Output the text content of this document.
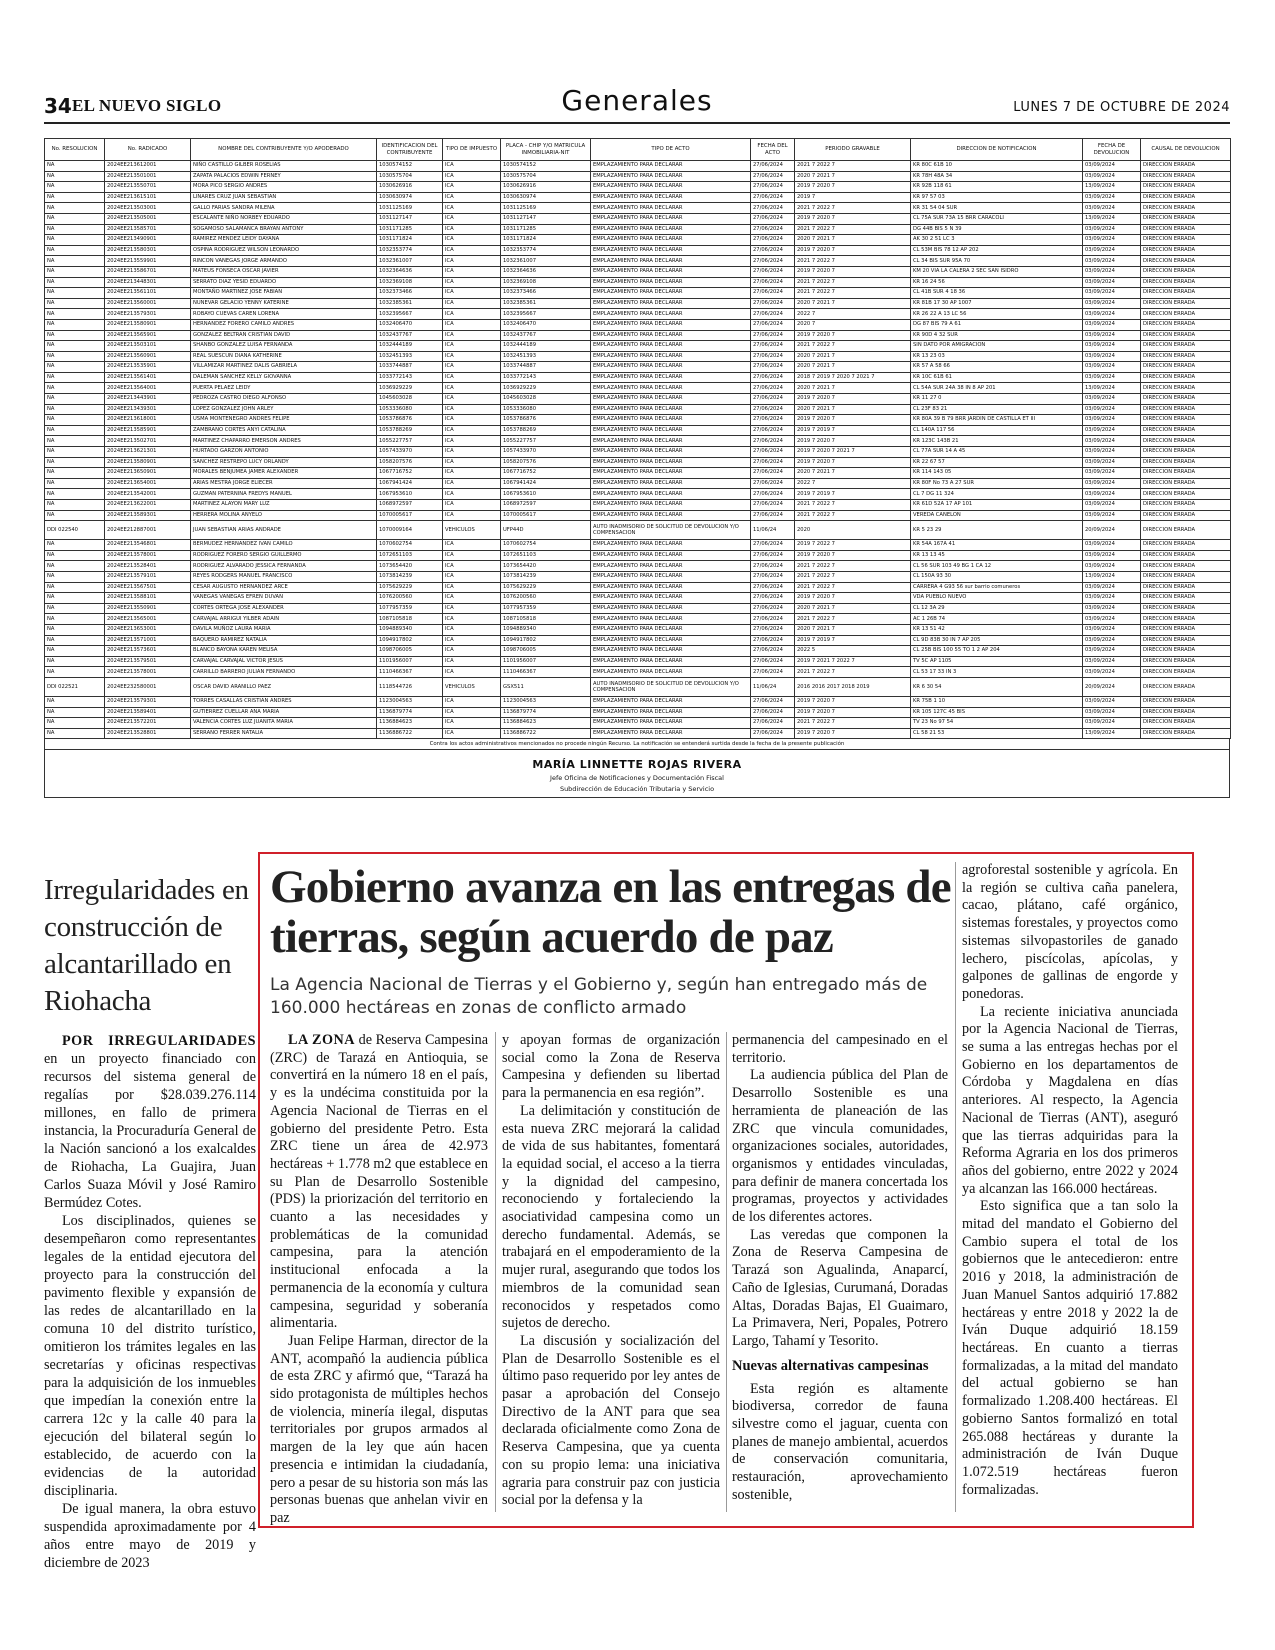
34 EL NUEVO SIGLO	Generales	LUNES 7 DE OCTUBRE DE 2024
No. RESOLUCION	No. RADICADO	NOMBRE DEL CONTRIBUYENTE Y/O APODERADO	IDENTIFICACION DEL CONTRIBUYENTE	TIPO DE IMPUESTO	PLACA - CHIP Y/O MATRICULA INMOBILIARIA-NIT	TIPO DE ACTO	FECHA DEL ACTO	PERIODO GRAVABLE	DIRECCION DE NOTIFICACION	FECHA DE DEVOLUCION	CAUSAL DE DEVOLUCION
NA	2024EE213612001	NIÑO CASTILLO GILBER ROSELIAS	1030574152	ICA	1030574152	EMPLAZAMIENTO PARA DECLARAR	27/06/2024	2021 7 2022 7	KR 80C 61B 10	03/09/2024	DIRECCION ERRADA
NA	2024EE213501001	ZAPATA PALACIOS EDWIN FERNEY	1030575704	ICA	1030575704	EMPLAZAMIENTO PARA DECLARAR	27/06/2024	2020 7 2021 7	KR 78H 48A 34	03/09/2024	DIRECCION ERRADA
NA	2024EE213550701	MORA PICO SERGIO ANDRES	1030626916	ICA	1030626916	EMPLAZAMIENTO PARA DECLARAR	27/06/2024	2019 7 2020 7	KR 92B 118 61	13/09/2024	DIRECCION ERRADA
NA	2024EE213615101	LINARES CRUZ JUAN SEBASTIAN	1030630974	ICA	1030630974	EMPLAZAMIENTO PARA DECLARAR	27/06/2024	2019 7	KR 97 57 03	03/09/2024	DIRECCION ERRADA
NA	2024EE213503001	GALLO FARIAS SANDRA MILENA	1031125169	ICA	1031125169	EMPLAZAMIENTO PARA DECLARAR	27/06/2024	2021 7 2022 7	KR 31 54 04 SUR	03/09/2024	DIRECCION ERRADA
NA	2024EE213505001	ESCALANTE NIÑO NORBEY EDUARDO	1031127147	ICA	1031127147	EMPLAZAMIENTO PARA DECLARAR	27/06/2024	2019 7 2020 7	CL 75A SUR 73A 15 BRR CARACOLI	13/09/2024	DIRECCION ERRADA
NA	2024EE213585701	SOGAMOSO SALAMANCA BRAYAN ANTONY	1031171285	ICA	1031171285	EMPLAZAMIENTO PARA DECLARAR	27/06/2024	2021 7 2022 7	DG 44B BIS 5 N 39	03/09/2024	DIRECCION ERRADA
NA	2024EE213490901	RAMIREZ MENDEZ LEIDY DAYANA	1031171824	ICA	1031171824	EMPLAZAMIENTO PARA DECLARAR	27/06/2024	2020 7 2021 7	AK 30 2 51 LC 3	03/09/2024	DIRECCION ERRADA
NA	2024EE213580301	OSPINA RODRIGUEZ WILSON LEONARDO	1032353774	ICA	1032353774	EMPLAZAMIENTO PARA DECLARAR	27/06/2024	2019 7 2020 7	CL 53M BIS 78 12 AP 202	03/09/2024	DIRECCION ERRADA
NA	2024EE213559901	RINCON VANEGAS JORGE ARMANDO	1032361007	ICA	1032361007	EMPLAZAMIENTO PARA DECLARAR	27/06/2024	2021 7 2022 7	CL 34 BIS SUR 95A 70	03/09/2024	DIRECCION ERRADA
NA	2024EE213586701	MATEUS FONSECA OSCAR JAVIER	1032364636	ICA	1032364636	EMPLAZAMIENTO PARA DECLARAR	27/06/2024	2019 7 2020 7	KM 20 VIA LA CALERA 2 SEC SAN ISIDRO	03/09/2024	DIRECCION ERRADA
NA	2024EE213448301	SERRATO DIAZ YESID EDUARDO	1032369108	ICA	1032369108	EMPLAZAMIENTO PARA DECLARAR	27/06/2024	2021 7 2022 7	KR 16 24 56	03/09/2024	DIRECCION ERRADA
NA	2024EE213561101	MONTAÑO MARTINEZ JOSE FABIAN	1032373466	ICA	1032373466	EMPLAZAMIENTO PARA DECLARAR	27/06/2024	2021 7 2022 7	CL 41B SUR 4 18 36	03/09/2024	DIRECCION ERRADA
NA	2024EE213560001	NUNEVAR GELACIO YENNY KATERINE	1032385361	ICA	1032385361	EMPLAZAMIENTO PARA DECLARAR	27/06/2024	2020 7 2021 7	KR 81B 17 30 AP 1007	03/09/2024	DIRECCION ERRADA
NA	2024EE213579301	ROBAYO CUEVAS CAREN LORENA	1032395667	ICA	1032395667	EMPLAZAMIENTO PARA DECLARAR	27/06/2024	2022 7	KR 26 22 A 13 LC 56	03/09/2024	DIRECCION ERRADA
NA	2024EE213580901	HERNANDEZ FORERO CAMILO ANDRES	1032406470	ICA	1032406470	EMPLAZAMIENTO PARA DECLARAR	27/06/2024	2020 7	DG 87 BIS 79 A 61	03/09/2024	DIRECCION ERRADA
NA	2024EE213565901	GONZALEZ BELTRAN CRISTIAN DAVID	1032437767	ICA	1032437767	EMPLAZAMIENTO PARA DECLARAR	27/06/2024	2019 7 2020 7	KR 90D 4 32 SUR	03/09/2024	DIRECCION ERRADA
NA	2024EE213503101	SHANBO GONZALEZ LUISA FERNANDA	1032444189	ICA	1032444189	EMPLAZAMIENTO PARA DECLARAR	27/06/2024	2021 7 2022 7	SIN DATO POR AMIGRACION	03/09/2024	DIRECCION ERRADA
NA	2024EE213560901	REAL SUESCUN DIANA KATHERINE	1032451393	ICA	1032451393	EMPLAZAMIENTO PARA DECLARAR	27/06/2024	2020 7 2021 7	KR 13 23 03	03/09/2024	DIRECCION ERRADA
NA	2024EE213535901	VILLAMIZAR MARTINEZ DALIS GABRIELA	1033744887	ICA	1033744887	EMPLAZAMIENTO PARA DECLARAR	27/06/2024	2020 7 2021 7	KR 57 A 58 66	03/09/2024	DIRECCION ERRADA
NA	2024EE213561401	DALEMAN SANCHEZ KELLY GIOVANNA	1033772143	ICA	1033772143	EMPLAZAMIENTO PARA DECLARAR	27/06/2024	2018 7 2019 7 2020 7 2021 7	KR 10C 61B 61	03/09/2024	DIRECCION ERRADA
NA	2024EE213564001	PUERTA PELAEZ LEIDY	1036929229	ICA	1036929229	EMPLAZAMIENTO PARA DECLARAR	27/06/2024	2020 7 2021 7	CL 54A SUR 24A 38 IN 8 AP 201	13/09/2024	DIRECCION ERRADA
NA	2024EE213443901	PEDROZA CASTRO DIEGO ALFONSO	1045603028	ICA	1045603028	EMPLAZAMIENTO PARA DECLARAR	27/06/2024	2019 7 2020 7	KR 11 27 0	03/09/2024	DIRECCION ERRADA
NA	2024EE213439301	LOPEZ GONZALEZ JOHN ARLEY	1053336080	ICA	1053336080	EMPLAZAMIENTO PARA DECLARAR	27/06/2024	2020 7 2021 7	CL 23F 83 21	03/09/2024	DIRECCION ERRADA
NA	2024EE213618001	USMA MONTENEGRO ANDRES FELIPE	1053786876	ICA	1053786876	EMPLAZAMIENTO PARA DECLARAR	27/06/2024	2019 7 2020 7	KR 80A 39 B 79 BRR JARDIN DE CASTILLA ET III	03/09/2024	DIRECCION ERRADA
NA	2024EE213585901	ZAMBRANO CORTES ANYI CATALINA	1053788269	ICA	1053788269	EMPLAZAMIENTO PARA DECLARAR	27/06/2024	2019 7 2019 7	CL 140A 117 56	03/09/2024	DIRECCION ERRADA
NA	2024EE213502701	MARTINEZ CHAPARRO EMERSON ANDRES	1055227757	ICA	1055227757	EMPLAZAMIENTO PARA DECLARAR	27/06/2024	2019 7 2020 7	KR 123C 143B 21	03/09/2024	DIRECCION ERRADA
NA	2024EE213621301	HURTADO GARZON ANTONIO	1057433970	ICA	1057433970	EMPLAZAMIENTO PARA DECLARAR	27/06/2024	2019 7 2020 7 2021 7	CL 77A SUR 14 A 45	03/09/2024	DIRECCION ERRADA
NA	2024EE213580901	SANCHEZ RESTREPO LUCY ORLANDY	1058207576	ICA	1058207576	EMPLAZAMIENTO PARA DECLARAR	27/06/2024	2019 7 2020 7	KR 22 67 57	03/09/2024	DIRECCION ERRADA
NA	2024EE213650901	MORALES BENJUMEA JAMER ALEXANDER	1067716752	ICA	1067716752	EMPLAZAMIENTO PARA DECLARAR	27/06/2024	2020 7 2021 7	KR 114 143 05	03/09/2024	DIRECCION ERRADA
NA	2024EE213654001	ARIAS MESTRA JORGE ELIECER	1067941424	ICA	1067941424	EMPLAZAMIENTO PARA DECLARAR	27/06/2024	2022 7	KR 80F No 73 A 27 SUR	03/09/2024	DIRECCION ERRADA
NA	2024EE213542001	GUZMAN PATERNINA FREDYS MANUEL	1067953610	ICA	1067953610	EMPLAZAMIENTO PARA DECLARAR	27/06/2024	2019 7 2019 7	CL 7 DG 11 324	03/09/2024	DIRECCION ERRADA
NA	2024EE213622001	MARTINEZ ALAYON MARY LUZ	1068972597	ICA	1068972597	EMPLAZAMIENTO PARA DECLARAR	27/06/2024	2021 7 2022 7	KR 61D 52A 17 AP 101	03/09/2024	DIRECCION ERRADA
NA	2024EE213589301	HERRERA MOLINA ANYELO	1070005617	ICA	1070005617	EMPLAZAMIENTO PARA DECLARAR	27/06/2024	2021 7 2022 7	VEREDA CANELON	03/09/2024	DIRECCION ERRADA
DDI 022540	2024EE212887001	JUAN SEBASTIAN ARIAS ANDRADE	1070009164	VEHICULOS	UFP44D	AUTO INADMISORIO DE SOLICITUD DE DEVOLUCION Y/O COMPENSACION	11/06/24	2020	KR 5 23 29	20/09/2024	DIRECCION ERRADA
NA	2024EE213546801	BERMUDEZ HERNANDEZ IVAN CAMILO	1070602754	ICA	1070602754	EMPLAZAMIENTO PARA DECLARAR	27/06/2024	2019 7 2022 7	KR 54A 167A 41	03/09/2024	DIRECCION ERRADA
NA	2024EE213578001	RODRIGUEZ FORERO SERGIO GUILLERMO	1072651103	ICA	1072651103	EMPLAZAMIENTO PARA DECLARAR	27/06/2024	2019 7 2020 7	KR 13 13 45	03/09/2024	DIRECCION ERRADA
NA	2024EE213528401	RODRIGUEZ ALVARADO JESSICA FERNANDA	1073654420	ICA	1073654420	EMPLAZAMIENTO PARA DECLARAR	27/06/2024	2021 7 2022 7	CL 56 SUR 103 49 BG 1 CA 12	03/09/2024	DIRECCION ERRADA
NA	2024EE213579101	REYES RODGERS MANUEL FRANCISCO	1073814239	ICA	1073814239	EMPLAZAMIENTO PARA DECLARAR	27/06/2024	2021 7 2022 7	CL 150A 93 30	13/09/2024	DIRECCION ERRADA
NA	2024EE213567501	CESAR AUGUSTO HERNANDEZ ARCE	1075629229	ICA	1075629229	EMPLAZAMIENTO PARA DECLARAR	27/06/2024	2021 7 2022 7	CARRERA 4 G93 56 sur barrio comuneros	03/09/2024	DIRECCION ERRADA
NA	2024EE213588101	VANEGAS VANEGAS EFREN DUVAN	1076200560	ICA	1076200560	EMPLAZAMIENTO PARA DECLARAR	27/06/2024	2019 7 2020 7	VDA PUEBLO NUEVO	03/09/2024	DIRECCION ERRADA
NA	2024EE213550901	CORTES ORTEGA JOSE ALEXANDER	1077957359	ICA	1077957359	EMPLAZAMIENTO PARA DECLARAR	27/06/2024	2020 7 2021 7	CL 12 3A 29	03/09/2024	DIRECCION ERRADA
NA	2024EE213565001	CARVAJAL ARRIGUI YILBER ADAIN	1087105818	ICA	1087105818	EMPLAZAMIENTO PARA DECLARAR	27/06/2024	2021 7 2022 7	AC 1 26B 74	03/09/2024	DIRECCION ERRADA
NA	2024EE213653001	DAVILA MUÑOZ LAURA MARIA	1094889340	ICA	1094889340	EMPLAZAMIENTO PARA DECLARAR	27/06/2024	2020 7 2021 7	KR 13 51 42	03/09/2024	DIRECCION ERRADA
NA	2024EE213571001	BAQUERO RAMIREZ NATALIA	1094917802	ICA	1094917802	EMPLAZAMIENTO PARA DECLARAR	27/06/2024	2019 7 2019 7	CL 9D 83B 30 IN 7 AP 205	03/09/2024	DIRECCION ERRADA
NA	2024EE213573601	BLANCO BAYONA KAREN MELISA	1098706005	ICA	1098706005	EMPLAZAMIENTO PARA DECLARAR	27/06/2024	2022 5	CL 25B BIS 100 55 TO 1 2 AP 204	03/09/2024	DIRECCION ERRADA
NA	2024EE213579501	CARVAJAL CARVAJAL VICTOR JESUS	1101956007	ICA	1101956007	EMPLAZAMIENTO PARA DECLARAR	27/06/2024	2019 7 2021 7 2022 7	TV 5C AP 1105	03/09/2024	DIRECCION ERRADA
NA	2024EE213578001	CARRILLO BARRERO JULIAN FERNANDO	1110466367	ICA	1110466367	EMPLAZAMIENTO PARA DECLARAR	27/06/2024	2021 7 2022 7	CL 53 17 33 IN 3	03/09/2024	DIRECCION ERRADA
DDI 022521	2024EE232580001	OSCAR DAVID ARANILLO PAEZ	1118544726	VEHICULOS	GSX511	AUTO INADMISORIO DE SOLICITUD DE DEVOLUCION Y/O COMPENSACION	11/06/24	2016 2016 2017 2018 2019	KR 6 30 54	20/09/2024	DIRECCION ERRADA
NA	2024EE213579301	TORRES CASALLAS CRISTIAN ANDRES	1123004563	ICA	1123004563	EMPLAZAMIENTO PARA DECLARAR	27/06/2024	2019 7 2020 7	KR 75B 1 10	03/09/2024	DIRECCION ERRADA
NA	2024EE213589401	GUTIERREZ CUELLAR ANA MARIA	1136879774	ICA	1136879774	EMPLAZAMIENTO PARA DECLARAR	27/06/2024	2019 7 2020 7	KR 105 127C 45 BIS	03/09/2024	DIRECCION ERRADA
NA	2024EE213572201	VALENCIA CORTES LUZ JUANITA MARIA	1136884623	ICA	1136884623	EMPLAZAMIENTO PARA DECLARAR	27/06/2024	2021 7 2022 7	TV 23 No 97 54	03/09/2024	DIRECCION ERRADA
NA	2024EE213528801	SERRANO FERRER NATALIA	1136886722	ICA	1136886722	EMPLAZAMIENTO PARA DECLARAR	27/06/2024	2019 7 2020 7	CL 58 21 53	13/09/2024	DIRECCION ERRADA
Contra los actos administrativos mencionados no procede ningún Recurso. La notificación se entenderá surtida desde la fecha de la presente publicación
MARÍA LINNETTE ROJAS RIVERA
Jefe Oficina de Notificaciones y Documentación Fiscal
Subdirección de Educación Tributaria y Servicio
Irregularidades en construcción de alcantarillado en Riohacha

POR IRREGULARIDADES en un proyecto financiado con recursos del sistema general de regalías por $28.039.276.114 millones, en fallo de primera instancia, la Procuraduría General de la Nación sancionó a los exalcaldes de Riohacha, La Guajira, Juan Carlos Suaza Móvil y José Ramiro Bermúdez Cotes.

Los disciplinados, quienes se desempeñaron como representantes legales de la entidad ejecutora del proyecto para la construcción del pavimento flexible y expansión de las redes de alcantarillado en la comuna 10 del distrito turístico, omitieron los trámites legales en las secretarías y oficinas respectivas para la adquisición de los inmuebles que impedían la conexión entre la carrera 12c y la calle 40 para la ejecución del bilateral según lo establecido, de acuerdo con la evidencias de la autoridad disciplinaria.

De igual manera, la obra estuvo suspendida aproximadamente por 4 años entre mayo de 2019 y diciembre de 2023

Gobierno avanza en las entregas de tierras, según acuerdo de paz
La Agencia Nacional de Tierras y el Gobierno y, según han entregado más de 160.000 hectáreas en zonas de conflicto armado

LA ZONA de Reserva Campesina (ZRC) de Tarazá en Antioquia, se convertirá en la número 18 en el país, y es la undécima constituida por la Agencia Nacional de Tierras en el gobierno del presidente Petro. Esta ZRC tiene un área de 42.973 hectáreas + 1.778 m2 que establece en su Plan de Desarrollo Sostenible (PDS) la priorización del territorio en cuanto a las necesidades y problemáticas de la comunidad campesina, para la atención institucional enfocada a la permanencia de la economía y cultura campesina, seguridad y soberanía alimentaria.

Juan Felipe Harman, director de la ANT, acompañó la audiencia pública de esta ZRC y afirmó que, “Tarazá ha sido protagonista de múltiples hechos de violencia, minería ilegal, disputas territoriales por grupos armados al margen de la ley que aún hacen presencia e intimidan la ciudadanía, pero a pesar de su historia son más las personas buenas que anhelan vivir en paz

y apoyan formas de organización social como la Zona de Reserva Campesina y defienden su libertad para la permanencia en esa región”.

La delimitación y constitución de esta nueva ZRC mejorará la calidad de vida de sus habitantes, fomentará la equidad social, el acceso a la tierra y la dignidad del campesino, reconociendo y fortaleciendo la asociatividad campesina como un derecho fundamental. Además, se trabajará en el empoderamiento de la mujer rural, asegurando que todos los miembros de la comunidad sean reconocidos y respetados como sujetos de derecho.

La discusión y socialización del Plan de Desarrollo Sostenible es el último paso requerido por ley antes de pasar a aprobación del Consejo Directivo de la ANT para que sea declarada oficialmente como Zona de Reserva Campesina, que ya cuenta con su propio lema: una iniciativa agraria para construir paz con justicia social por la defensa y la

permanencia del campesinado en el territorio.

La audiencia pública del Plan de Desarrollo Sostenible es una herramienta de planeación de las ZRC que vincula comunidades, organizaciones sociales, autoridades, organismos y entidades vinculadas, para definir de manera concertada los programas, proyectos y actividades de los diferentes actores.

Las veredas que componen la Zona de Reserva Campesina de Tarazá son Agualinda, Anaparcí, Caño de Iglesias, Curumaná, Doradas Altas, Doradas Bajas, El Guaimaro, La Primavera, Neri, Popales, Potrero Largo, Tahamí y Tesorito.

Nuevas alternativas campesinas

Esta región es altamente biodiversa, corredor de fauna silvestre como el jaguar, cuenta con planes de manejo ambiental, acuerdos de conservación comunitaria, restauración, aprovechamiento sostenible,

agroforestal sostenible y agrícola. En la región se cultiva caña panelera, cacao, plátano, café orgánico, sistemas forestales, y proyectos como sistemas silvopastoriles de ganado lechero, piscícolas, apícolas, y galpones de gallinas de engorde y ponedoras.

La reciente iniciativa anunciada por la Agencia Nacional de Tierras, se suma a las entregas hechas por el Gobierno en los departamentos de Córdoba y Magdalena en días anteriores. Al respecto, la Agencia Nacional de Tierras (ANT), aseguró que las tierras adquiridas para la Reforma Agraria en los dos primeros años del gobierno, entre 2022 y 2024 ya alcanzan las 166.000 hectáreas.

Esto significa que a tan solo la mitad del mandato el Gobierno del Cambio supera el total de los gobiernos que le antecedieron: entre 2016 y 2018, la administración de Juan Manuel Santos adquirió 17.882 hectáreas y entre 2018 y 2022 la de Iván Duque adquirió 18.159 hectáreas. En cuanto a tierras formalizadas, a la mitad del mandato del actual gobierno se han formalizado 1.208.400 hectáreas. El gobierno Santos formalizó en total 265.088 hectáreas y durante la administración de Iván Duque 1.072.519 hectáreas fueron formalizadas.
